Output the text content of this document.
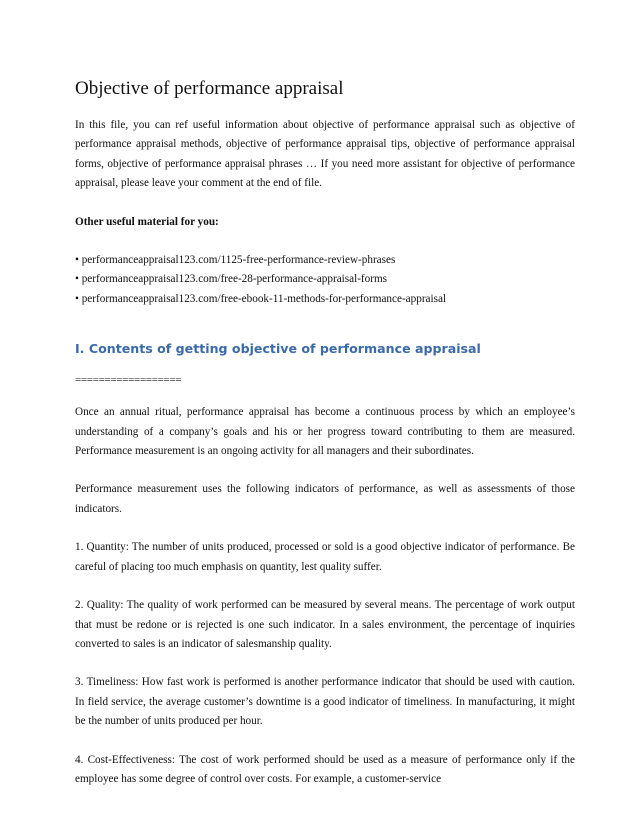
Objective of performance appraisal

In this file, you can ref useful information about objective of performance appraisal such as objective of performance appraisal methods, objective of performance appraisal tips, objective of performance appraisal forms, objective of performance appraisal phrases … If you need more assistant for objective of performance appraisal, please leave your comment at the end of file.

Other useful material for you:

• performanceappraisal123.com/1125-free-performance-review-phrases

• performanceappraisal123.com/free-28-performance-appraisal-forms

• performanceappraisal123.com/free-ebook-11-methods-for-performance-appraisal

I. Contents of getting objective of performance appraisal
==================

Once an annual ritual, performance appraisal has become a continuous process by which an employee’s understanding of a company’s goals and his or her progress toward contributing to them are measured. Performance measurement is an ongoing activity for all managers and their subordinates.

Performance measurement uses the following indicators of performance, as well as assessments of those indicators.

1. Quantity: The number of units produced, processed or sold is a good objective indicator of performance. Be careful of placing too much emphasis on quantity, lest quality suffer.

2. Quality: The quality of work performed can be measured by several means. The percentage of work output that must be redone or is rejected is one such indicator. In a sales environment, the percentage of inquiries converted to sales is an indicator of salesmanship quality.

3. Timeliness: How fast work is performed is another performance indicator that should be used with caution. In field service, the average customer’s downtime is a good indicator of timeliness. In manufacturing, it might be the number of units produced per hour.

4. Cost-Effectiveness: The cost of work performed should be used as a measure of performance only if the employee has some degree of control over costs. For example, a customer-service
